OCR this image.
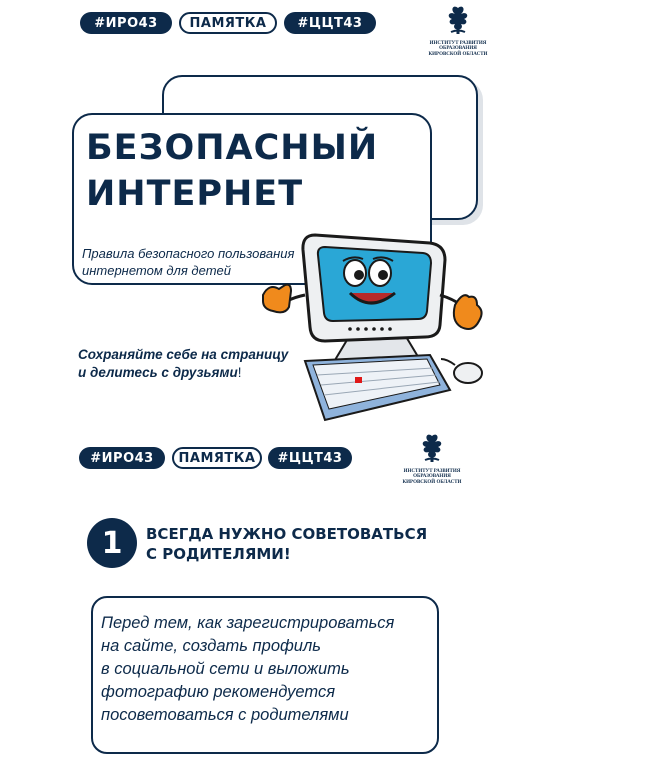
#ИРО43	ПАМЯТКА	#ЦЦТ43
ИНСТИТУТ РАЗВИТИЯ
ОБРАЗОВАНИЯ
КИРОВСКОЙ ОБЛАСТИ
БЕЗОПАСНЫЙ
ИНТЕРНЕТ
Правила безопасного пользования
интернетом для детей
Сохраняйте себе на страницу
и делитесь с друзьями!
#ИРО43	ПАМЯТКА	#ЦЦТ43
ИНСТИТУТ РАЗВИТИЯ
ОБРАЗОВАНИЯ
КИРОВСКОЙ ОБЛАСТИ
1	ВСЕГДА НУЖНО СОВЕТОВАТЬСЯ
С РОДИТЕЛЯМИ!
Перед тем, как зарегистрироваться
на сайте, создать профиль
в социальной сети и выложить
фотографию рекомендуется
посоветоваться с родителями
